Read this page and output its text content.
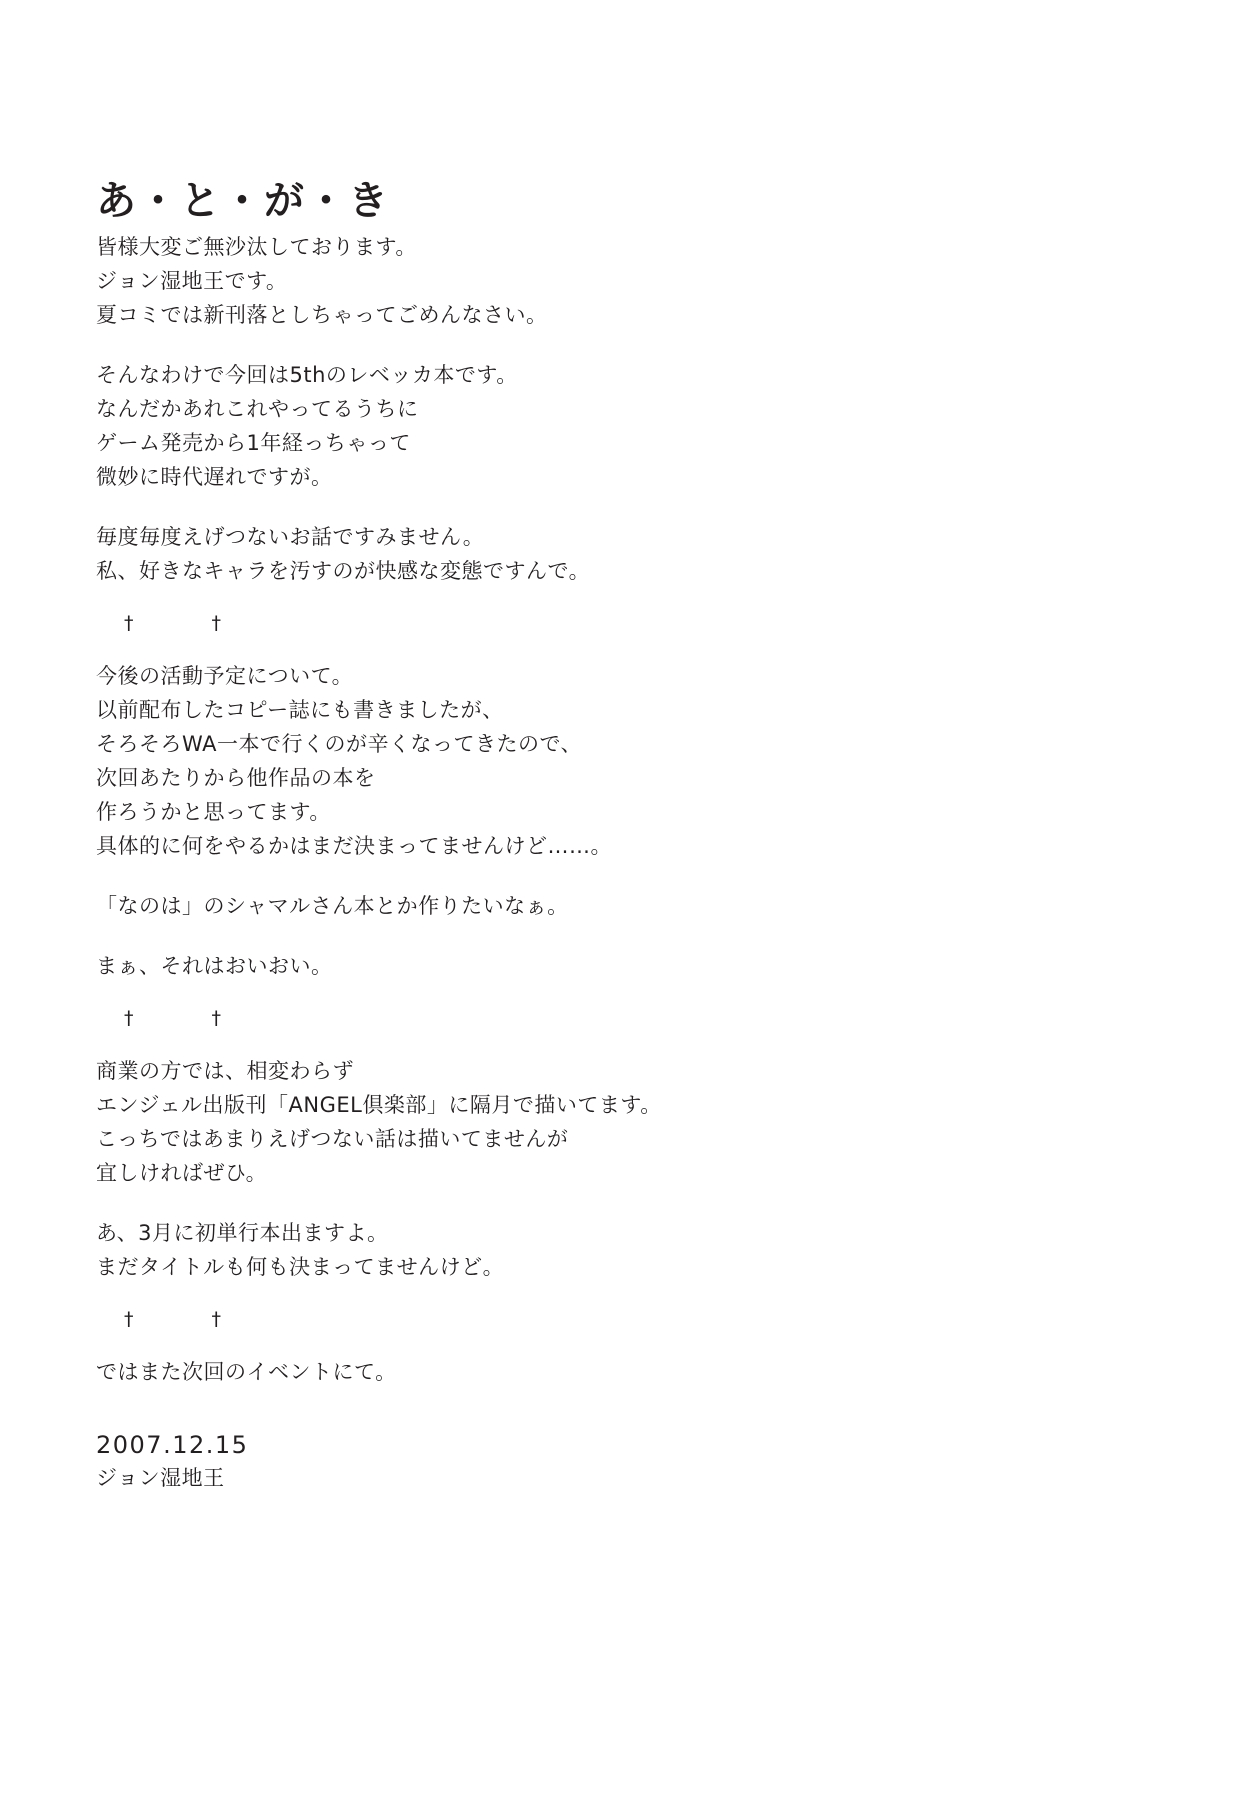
あ・と・が・き
皆様大変ご無沙汰しております。
ジョン湿地王です。
夏コミでは新刊落としちゃってごめんなさい。
そんなわけで今回は5thのレベッカ本です。
なんだかあれこれやってるうちに
ゲーム発売から1年経っちゃって
微妙に時代遅れですが。
毎度毎度えげつないお話ですみません。
私、好きなキャラを汚すのが快感な変態ですんで。
†	†
今後の活動予定について。
以前配布したコピー誌にも書きましたが、
そろそろWA一本で行くのが辛くなってきたので、
次回あたりから他作品の本を
作ろうかと思ってます。
具体的に何をやるかはまだ決まってませんけど……。
「なのは」のシャマルさん本とか作りたいなぁ。
まぁ、それはおいおい。
†	†
商業の方では、相変わらず
エンジェル出版刊「ANGEL倶楽部」に隔月で描いてます。
こっちではあまりえげつない話は描いてませんが
宜しければぜひ。
あ、3月に初単行本出ますよ。
まだタイトルも何も決まってませんけど。
†	†
ではまた次回のイベントにて。
2007.12.15
ジョン湿地王
